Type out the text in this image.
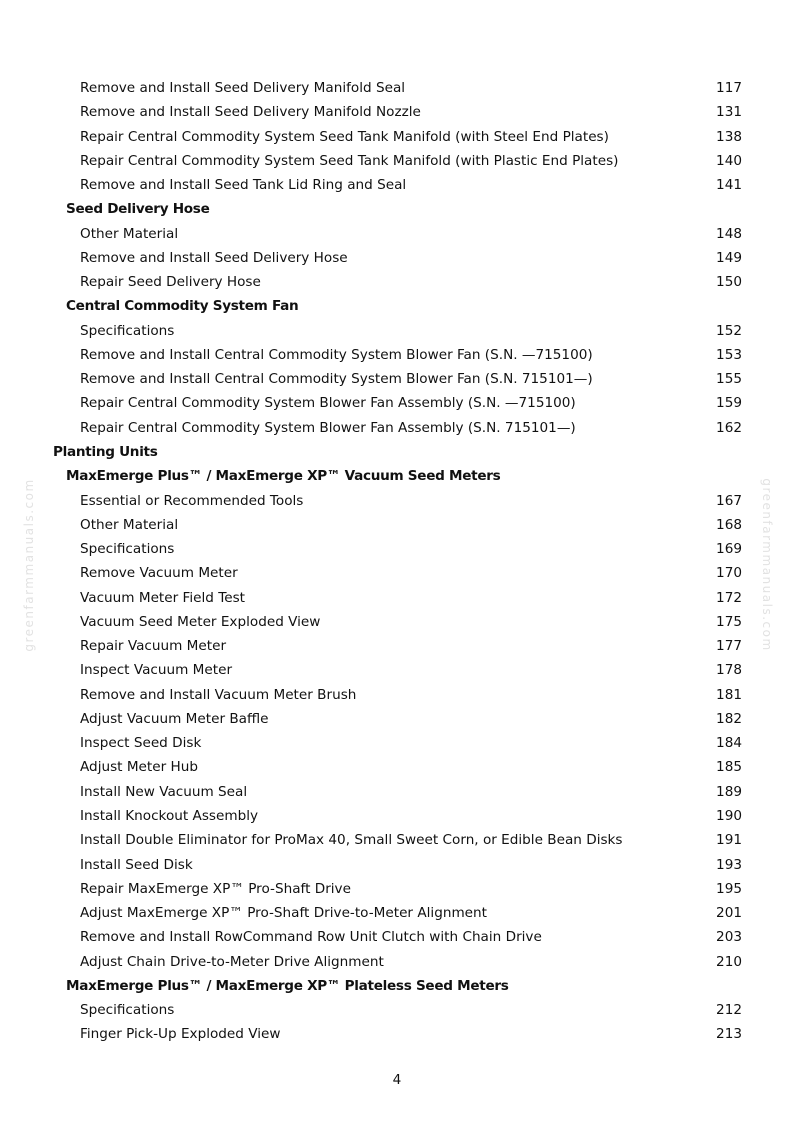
Remove and Install Seed Delivery Manifold Seal	117
Remove and Install Seed Delivery Manifold Nozzle	131
Repair Central Commodity System Seed Tank Manifold (with Steel End Plates)	138
Repair Central Commodity System Seed Tank Manifold (with Plastic End Plates)	140
Remove and Install Seed Tank Lid Ring and Seal	141
Seed Delivery Hose
Other Material	148
Remove and Install Seed Delivery Hose	149
Repair Seed Delivery Hose	150
Central Commodity System Fan
Specifications	152
Remove and Install Central Commodity System Blower Fan (S.N. —715100)	153
Remove and Install Central Commodity System Blower Fan (S.N. 715101—)	155
Repair Central Commodity System Blower Fan Assembly (S.N. —715100)	159
Repair Central Commodity System Blower Fan Assembly (S.N. 715101—)	162
Planting Units
MaxEmerge Plus™ / MaxEmerge XP™ Vacuum Seed Meters
Essential or Recommended Tools	167
Other Material	168
Specifications	169
Remove Vacuum Meter	170
Vacuum Meter Field Test	172
Vacuum Seed Meter Exploded View	175
Repair Vacuum Meter	177
Inspect Vacuum Meter	178
Remove and Install Vacuum Meter Brush	181
Adjust Vacuum Meter Baffle	182
Inspect Seed Disk	184
Adjust Meter Hub	185
Install New Vacuum Seal	189
Install Knockout Assembly	190
Install Double Eliminator for ProMax 40, Small Sweet Corn, or Edible Bean Disks	191
Install Seed Disk	193
Repair MaxEmerge XP™ Pro-Shaft Drive	195
Adjust MaxEmerge XP™ Pro-Shaft Drive-to-Meter Alignment	201
Remove and Install RowCommand Row Unit Clutch with Chain Drive	203
Adjust Chain Drive-to-Meter Drive Alignment	210
MaxEmerge Plus™ / MaxEmerge XP™ Plateless Seed Meters
Specifications	212
Finger Pick-Up Exploded View	213
4
greenfarmmanuals.com	greenfarmmanuals.com
